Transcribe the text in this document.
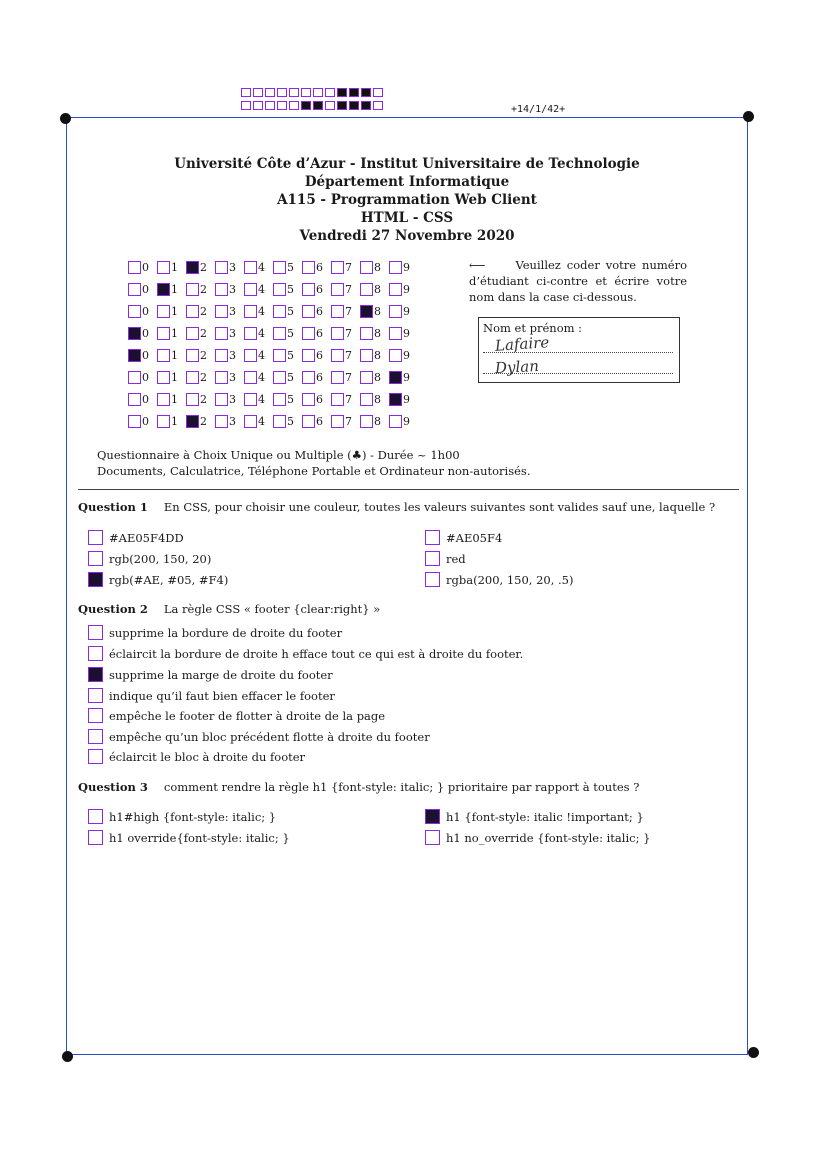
+14/1/42+
Université Côte d’Azur - Institut Universitaire de Technologie
Département Informatique
A115 - Programmation Web Client
HTML - CSS
Vendredi 27 Novembre 2020
0 1 2 3 4 5 6 7 8 9
0 1 2 3 4 5 6 7 8 9
0 1 2 3 4 5 6 7 8 9
0 1 2 3 4 5 6 7 8 9
0 1 2 3 4 5 6 7 8 9
0 1 2 3 4 5 6 7 8 9
0 1 2 3 4 5 6 7 8 9
0 1 2 3 4 5 6 7 8 9
⟵	Veuillez coder votre numéro d’étudiant ci-contre et écrire votre nom dans la case ci-dessous.
Nom et prénom :
Lafaire
Dylan
Questionnaire à Choix Unique ou Multiple (♣) - Durée ~ 1h00
Documents, Calculatrice, Téléphone Portable et Ordinateur non-autorisés.
Question 1 En CSS, pour choisir une couleur, toutes les valeurs suivantes sont valides sauf une, laquelle ?
#AE05F4DD	#AE05F4
rgb(200, 150, 20)	red
rgb(#AE, #05, #F4)	rgba(200, 150, 20, .5)
Question 2 La règle CSS « footer {clear:right} »
supprime la bordure de droite du footer
éclaircit la bordure de droite h efface tout ce qui est à droite du footer.
supprime la marge de droite du footer
indique qu’il faut bien effacer le footer
empêche le footer de flotter à droite de la page
empêche qu’un bloc précédent flotte à droite du footer
éclaircit le bloc à droite du footer
Question 3 comment rendre la règle h1 {font-style: italic; } prioritaire par rapport à toutes ?
h1#high {font-style: italic; }	h1 {font-style: italic !important; }
h1 override{font-style: italic; }	h1 no_override {font-style: italic; }
